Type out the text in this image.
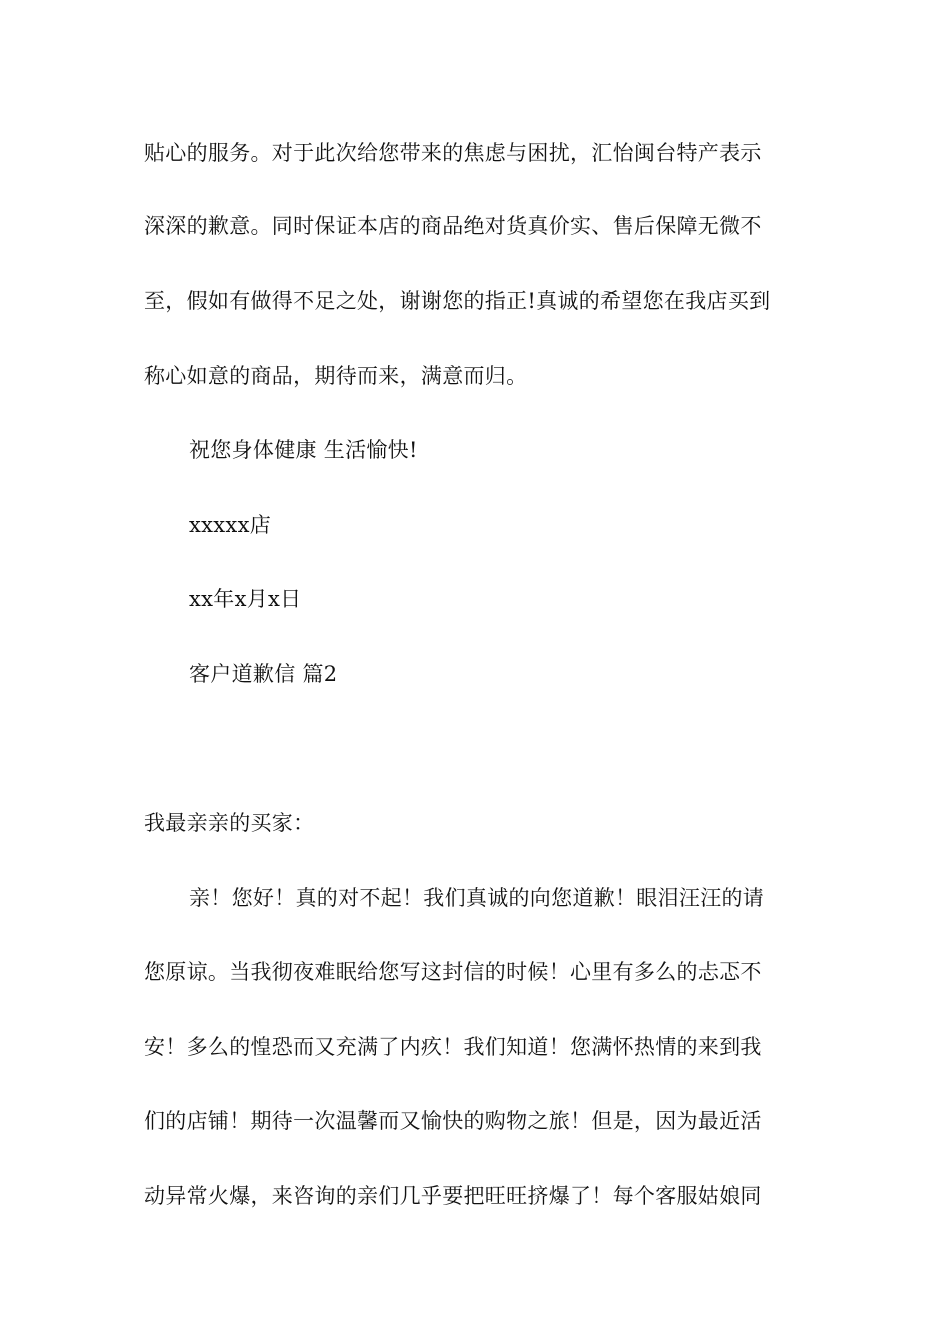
贴心的服务。对于此次给您带来的焦虑与困扰，汇怡闽台特产表示
深深的歉意。同时保证本店的商品绝对货真价实、售后保障无微不
至，假如有做得不足之处，谢谢您的指正!真诚的希望您在我店买到
称心如意的商品，期待而来，满意而归。
祝您身体健康 生活愉快!
xxxxx店
xx年x月x日
客户道歉信 篇2
我最亲亲的买家：
亲！您好！真的对不起！我们真诚的向您道歉！眼泪汪汪的请
您原谅。当我彻夜难眠给您写这封信的时候！心里有多么的忐忑不
安！多么的惶恐而又充满了内疚！我们知道！您满怀热情的来到我
们的店铺！期待一次温馨而又愉快的购物之旅！但是，因为最近活
动异常火爆，来咨询的亲们几乎要把旺旺挤爆了！每个客服姑娘同
